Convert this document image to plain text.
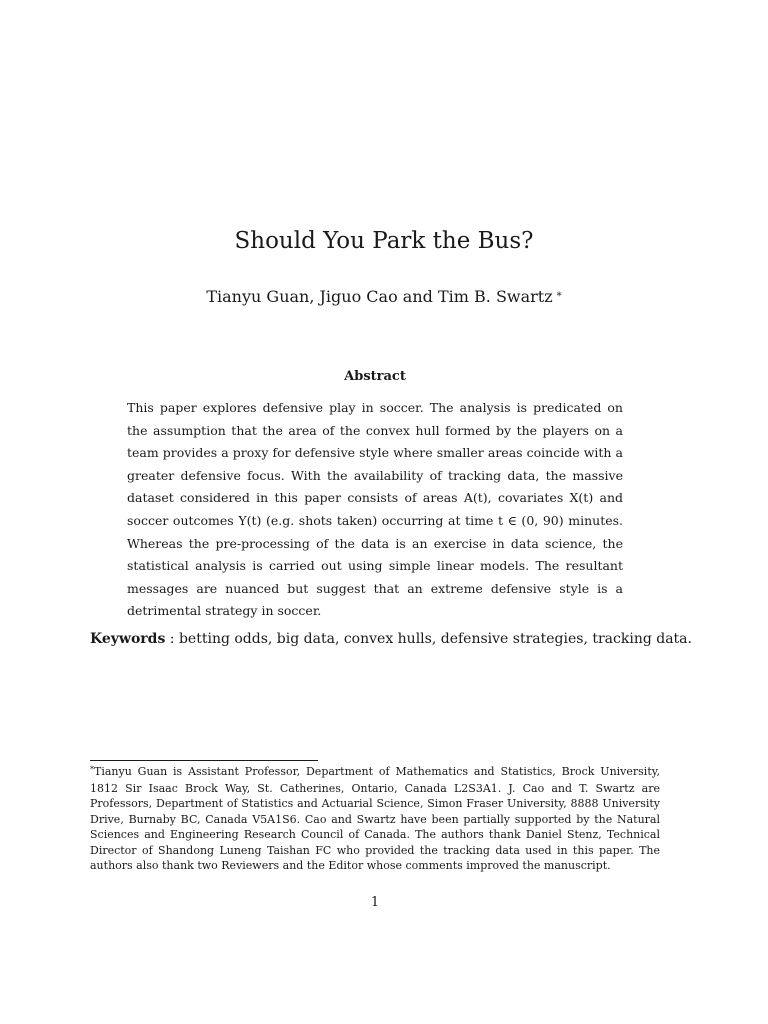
Should You Park the Bus?
Tianyu Guan, Jiguo Cao and Tim B. Swartz *
Abstract

This paper explores defensive play in soccer. The analysis is predicated on the assumption that the area of the convex hull formed by the players on a team provides a proxy for defensive style where smaller areas coincide with a greater defensive focus. With the availability of tracking data, the massive dataset considered in this paper consists of areas A(t), covariates X(t) and soccer outcomes Y(t) (e.g. shots taken) occurring at time t ∈ (0, 90) minutes. Whereas the pre-processing of the data is an exercise in data science, the statistical analysis is carried out using simple linear models. The resultant messages are nuanced but suggest that an extreme defensive style is a detrimental strategy in soccer.

Keywords : betting odds, big data, convex hulls, defensive strategies, tracking data.

*Tianyu Guan is Assistant Professor, Department of Mathematics and Statistics, Brock University, 1812 Sir Isaac Brock Way, St. Catherines, Ontario, Canada L2S3A1. J. Cao and T. Swartz are Professors, Department of Statistics and Actuarial Science, Simon Fraser University, 8888 University Drive, Burnaby BC, Canada V5A1S6. Cao and Swartz have been partially supported by the Natural Sciences and Engineering Research Council of Canada. The authors thank Daniel Stenz, Technical Director of Shandong Luneng Taishan FC who provided the tracking data used in this paper. The authors also thank two Reviewers and the Editor whose comments improved the manuscript.

1
